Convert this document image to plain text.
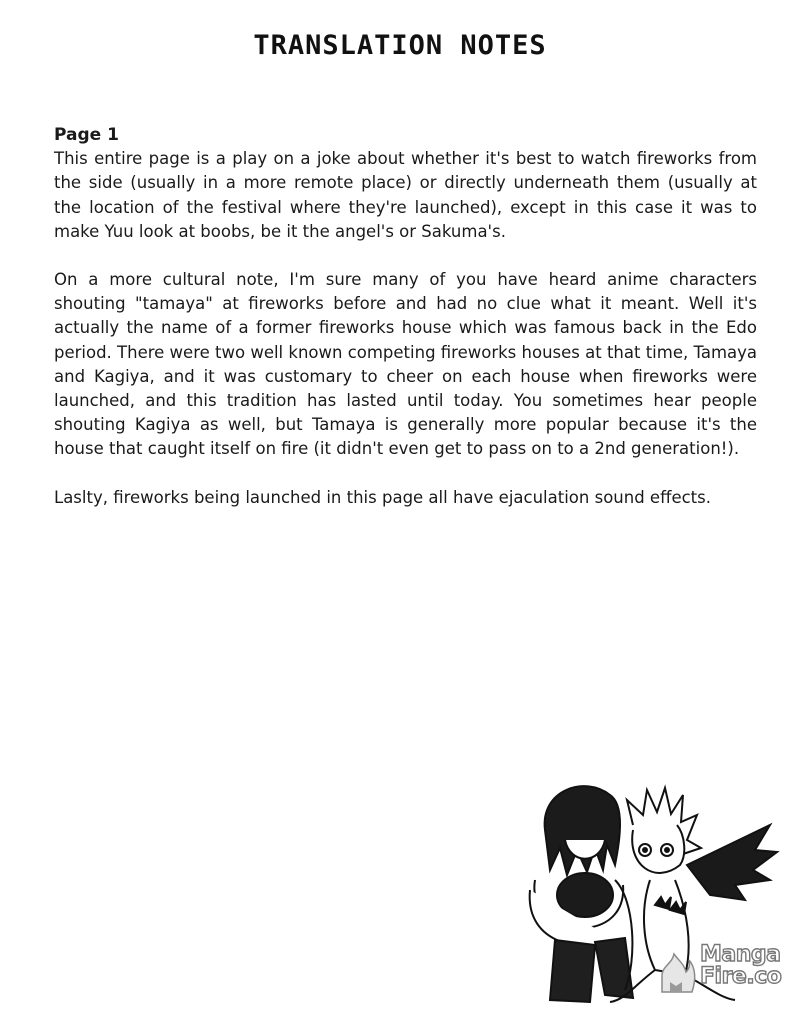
TRANSLATION NOTES

Page 1

This entire page is a play on a joke about whether it's best to watch fireworks from the side (usually in a more remote place) or directly underneath them (usually at the location of the festival where they're launched), except in this case it was to make Yuu look at boobs, be it the angel's or Sakuma's.

On a more cultural note, I'm sure many of you have heard anime characters shouting "tamaya" at fireworks before and had no clue what it meant. Well it's actually the name of a former fireworks house which was famous back in the Edo period. There were two well known competing fireworks houses at that time, Tamaya and Kagiya, and it was customary to cheer on each house when fireworks were launched, and this tradition has lasted until today. You sometimes hear people shouting Kagiya as well, but Tamaya is generally more popular because it's the house that caught itself on fire (it didn't even get to pass on to a 2nd generation!).

Laslty, fireworks being launched in this page all have ejaculation sound effects.

Manga
Fire.co
